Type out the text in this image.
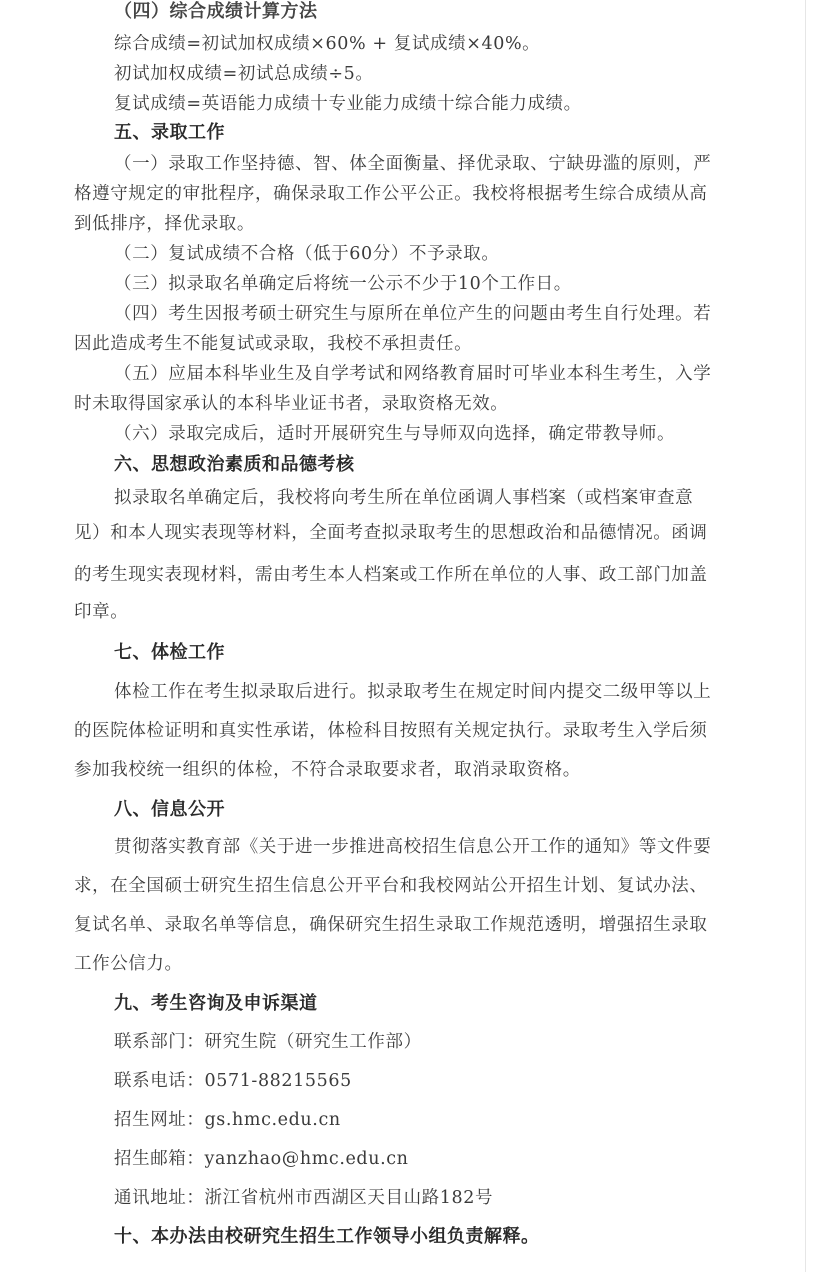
（四）综合成绩计算方法
综合成绩=初试加权成绩×60% + 复试成绩×40%。
初试加权成绩=初试总成绩÷5。
复试成绩=英语能力成绩十专业能力成绩十综合能力成绩。
五、录取工作
（一）录取工作坚持德、智、体全面衡量、择优录取、宁缺毋滥的原则，严
格遵守规定的审批程序，确保录取工作公平公正。我校将根据考生综合成绩从高
到低排序，择优录取。
（二）复试成绩不合格（低于60分）不予录取。
（三）拟录取名单确定后将统一公示不少于10个工作日。
（四）考生因报考硕士研究生与原所在单位产生的问题由考生自行处理。若
因此造成考生不能复试或录取，我校不承担责任。
（五）应届本科毕业生及自学考试和网络教育届时可毕业本科生考生，入学
时未取得国家承认的本科毕业证书者，录取资格无效。
（六）录取完成后，适时开展研究生与导师双向选择，确定带教导师。
六、思想政治素质和品德考核
拟录取名单确定后，我校将向考生所在单位函调人事档案（或档案审查意
见）和本人现实表现等材料，全面考查拟录取考生的思想政治和品德情况。函调
的考生现实表现材料，需由考生本人档案或工作所在单位的人事、政工部门加盖
印章。
七、体检工作
体检工作在考生拟录取后进行。拟录取考生在规定时间内提交二级甲等以上
的医院体检证明和真实性承诺，体检科目按照有关规定执行。录取考生入学后须
参加我校统一组织的体检，不符合录取要求者，取消录取资格。
八、信息公开
贯彻落实教育部《关于进一步推进高校招生信息公开工作的通知》等文件要
求，在全国硕士研究生招生信息公开平台和我校网站公开招生计划、复试办法、
复试名单、录取名单等信息，确保研究生招生录取工作规范透明，增强招生录取
工作公信力。
九、考生咨询及申诉渠道
联系部门：研究生院（研究生工作部）
联系电话：0571-88215565
招生网址：gs.hmc.edu.cn
招生邮箱：yanzhao@hmc.edu.cn
通讯地址：浙江省杭州市西湖区天目山路182号
十、本办法由校研究生招生工作领导小组负责解释。
